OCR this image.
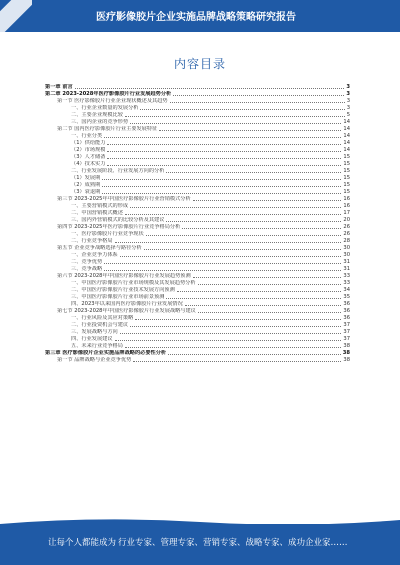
医疗影像胶片企业实施品牌战略策略研究报告
内容目录
第一章 前言	3
第二章 2023-2028年医疗影像胶片行业发展趋势分析	3
第一节 医疗影像胶片行业企业现状概述及其趋势	3
一、行业企业数量的发展分析	3
二、主要企业规模比较	5
三、国内企业的竞争形势	14
第二节 国内医疗影像胶片行业主要发展特征	14
一、行业分类	14
（1）供给能力	14
（2）市场规模	14
（3）人才储备	15
（4）技术实力	15
二、行业发展阶段、行业发展方向的分析	15
（1）发展期	15
（2）成熟期	15
（3）衰退期	15
第三节 2023-2025年中国医疗影像胶片行业营销模式分析	16
一、主要营销模式的形成	16
二、中国营销模式概述	17
三、国内外营销模式的比较分析及其建议	20
第四节 2023-2025年医疗影像胶片行业竞争格局分析	26
一、医疗影像胶片行业竞争现状	26
二、行业竞争格局	28
第五节 企业竞争战略选择与路径分析	30
一、企业竞争力体系	30
二、竞争优势	31
三、竞争战略	31
第六节 2023-2028年中国医疗影像胶片行业发展趋势预测	33
一、中国医疗影像胶片行业市场规模及其发展趋势分析	33
二、中国医疗影像胶片行业技术发展方向预测	34
三、中国医疗影像胶片行业市场前景预测	35
四、2023年以来国内医疗影像胶片行业发展情况	36
第七节 2023-2028年中国医疗影像胶片行业发展战略与建议	36
一、行业风险及其应对策略	36
二、行业投资机会与建议	37
三、发展战略与方向	37
四、行业发展建议	37
五、未来行业竞争格局	38
第三章 医疗影像胶片企业实施品牌战略的必要性分析	38
第一节 品牌战略与企业竞争优势	38
让每个人都能成为 行业专家、管理专家、营销专家、战略专家、成功企业家……
